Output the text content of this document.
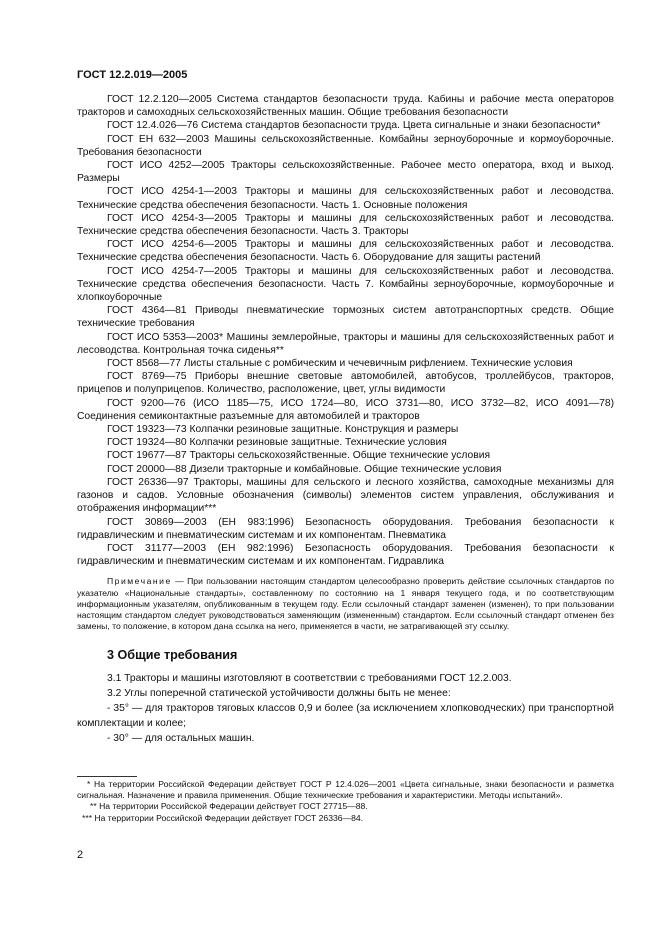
ГОСТ 12.2.019—2005

ГОСТ 12.2.120—2005 Система стандартов безопасности труда. Кабины и рабочие места операторов тракторов и самоходных сельскохозяйственных машин. Общие требования безопасности

ГОСТ 12.4.026—76 Система стандартов безопасности труда. Цвета сигнальные и знаки безопасности*

ГОСТ ЕН 632—2003 Машины сельскохозяйственные. Комбайны зерноуборочные и кормоуборочные. Требования безопасности

ГОСТ ИСО 4252—2005 Тракторы сельскохозяйственные. Рабочее место оператора, вход и выход. Размеры

ГОСТ ИСО 4254-1—2003 Тракторы и машины для сельскохозяйственных работ и лесоводства. Технические средства обеспечения безопасности. Часть 1. Основные положения

ГОСТ ИСО 4254-3—2005 Тракторы и машины для сельскохозяйственных работ и лесоводства. Технические средства обеспечения безопасности. Часть 3. Тракторы

ГОСТ ИСО 4254-6—2005 Тракторы и машины для сельскохозяйственных работ и лесоводства. Технические средства обеспечения безопасности. Часть 6. Оборудование для защиты растений

ГОСТ ИСО 4254-7—2005 Тракторы и машины для сельскохозяйственных работ и лесоводства. Технические средства обеспечения безопасности. Часть 7. Комбайны зерноуборочные, кормоуборочные и хлопкоуборочные

ГОСТ 4364—81 Приводы пневматические тормозных систем автотранспортных средств. Общие технические требования

ГОСТ ИСО 5353—2003* Машины землеройные, тракторы и машины для сельскохозяйственных работ и лесоводства. Контрольная точка сиденья**

ГОСТ 8568—77 Листы стальные с ромбическим и чечевичным рифлением. Технические условия

ГОСТ 8769—75 Приборы внешние световые автомобилей, автобусов, троллейбусов, тракторов, прицепов и полуприцепов. Количество, расположение, цвет, углы видимости

ГОСТ 9200—76 (ИСО 1185—75, ИСО 1724—80, ИСО 3731—80, ИСО 3732—82, ИСО 4091—78) Соединения семиконтактные разъемные для автомобилей и тракторов

ГОСТ 19323—73 Колпачки резиновые защитные. Конструкция и размеры

ГОСТ 19324—80 Колпачки резиновые защитные. Технические условия

ГОСТ 19677—87 Тракторы сельскохозяйственные. Общие технические условия

ГОСТ 20000—88 Дизели тракторные и комбайновые. Общие технические условия

ГОСТ 26336—97 Тракторы, машины для сельского и лесного хозяйства, самоходные механизмы для газонов и садов. Условные обозначения (символы) элементов систем управления, обслуживания и отображения информации***

ГОСТ 30869—2003 (ЕН 983:1996) Безопасность оборудования. Требования безопасности к гидравлическим и пневматическим системам и их компонентам. Пневматика

ГОСТ 31177—2003 (ЕН 982:1996) Безопасность оборудования. Требования безопасности к гидравлическим и пневматическим системам и их компонентам. Гидравлика

Примечание — При пользовании настоящим стандартом целесообразно проверить действие ссылочных стандартов по указателю «Национальные стандарты», составленному по состоянию на 1 января текущего года, и по соответствующим информационным указателям, опубликованным в текущем году. Если ссылочный стандарт заменен (изменен), то при пользовании настоящим стандартом следует руководствоваться заменяющим (измененным) стандартом. Если ссылочный стандарт отменен без замены, то положение, в котором дана ссылка на него, применяется в части, не затрагивающей эту ссылку.

3 Общие требования

3.1 Тракторы и машины изготовляют в соответствии с требованиями ГОСТ 12.2.003.

3.2 Углы поперечной статической устойчивости должны быть не менее:

- 35° — для тракторов тяговых классов 0,9 и более (за исключением хлопководческих) при транспортной комплектации и колее;

- 30° — для остальных машин.

* На территории Российской Федерации действует ГОСТ Р 12.4.026—2001 «Цвета сигнальные, знаки безопасности и разметка сигнальная. Назначение и правила применения. Общие технические требования и характеристики. Методы испытаний».

** На территории Российской Федерации действует ГОСТ 27715—88.

*** На территории Российской Федерации действует ГОСТ 26336—84.

2
